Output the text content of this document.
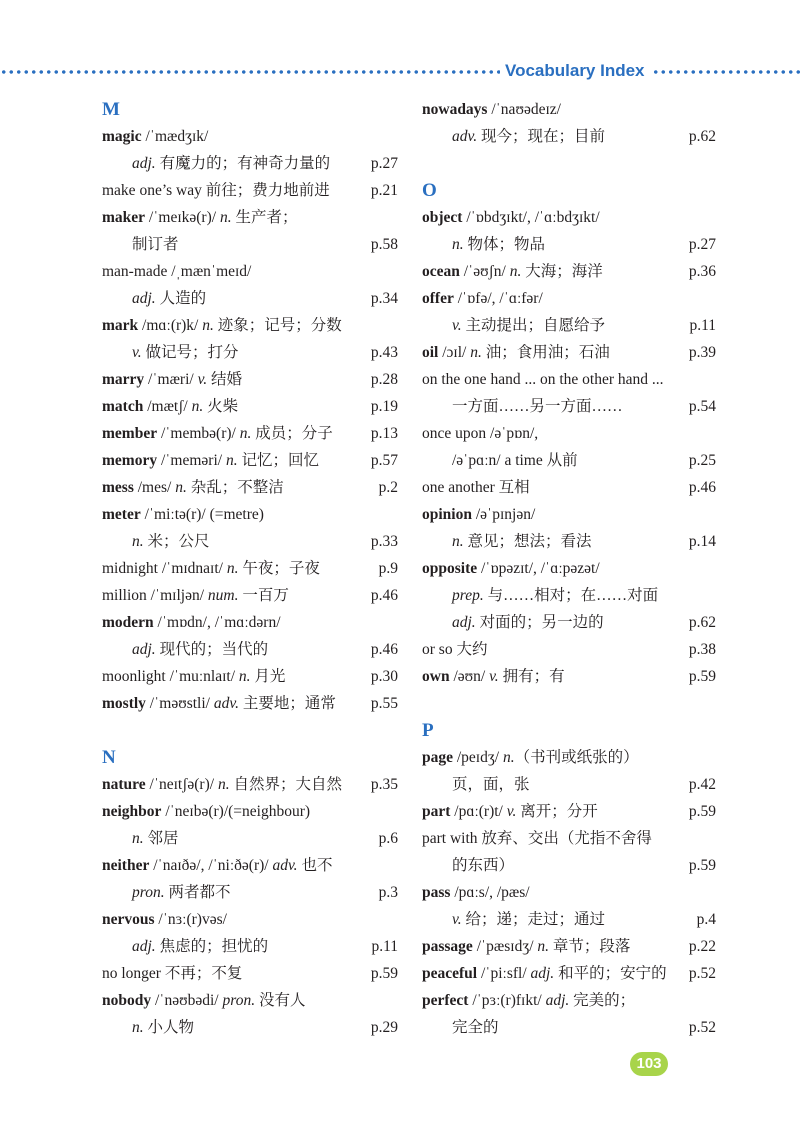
Vocabulary Index
M
magic /ˈmædʒɪk/
adj. 有魔力的；有神奇力量的	p.27
make one’s way 前往；费力地前进	p.21
maker /ˈmeɪkə(r)/ n. 生产者；
制订者	p.58
man-made /ˌmænˈmeɪd/
adj. 人造的	p.34
mark /mɑː(r)k/ n. 迹象；记号；分数
v. 做记号；打分	p.43
marry /ˈmæri/ v. 结婚	p.28
match /mætʃ/ n. 火柴	p.19
member /ˈmembə(r)/ n. 成员；分子 p.13
memory /ˈmeməri/ n. 记忆；回忆	p.57
mess /mes/ n. 杂乱；不整洁	p.2
meter /ˈmiːtə(r)/ (=metre)
n. 米；公尺	p.33
midnight /ˈmɪdnaɪt/ n. 午夜；子夜	p.9
million /ˈmɪljən/ num. 一百万	p.46
modern /ˈmɒdn/, /ˈmɑːdərn/
adj. 现代的；当代的	p.46
moonlight /ˈmuːnlaɪt/ n. 月光	p.30
mostly /ˈməʊstli/ adv. 主要地；通常 p.55
N
nature /ˈneɪtʃə(r)/ n. 自然界；大自然 p.35
neighbor /ˈneɪbə(r)/(=neighbour)
n. 邻居	p.6
neither /ˈnaɪðə/, /ˈniːðə(r)/ adv. 也不
pron. 两者都不	p.3
nervous /ˈnɜː(r)vəs/
adj. 焦虑的；担忧的	p.11
no longer 不再；不复	p.59
nobody /ˈnəʊbədi/ pron. 没有人
n. 小人物	p.29
nowadays /ˈnaʊədeɪz/
adv. 现今；现在；目前	p.62
O
object /ˈɒbdʒɪkt/, /ˈɑːbdʒɪkt/
n. 物体；物品	p.27
ocean /ˈəʊʃn/ n. 大海；海洋	p.36
offer /ˈɒfə/, /ˈɑːfər/
v. 主动提出；自愿给予	p.11
oil /ɔɪl/ n. 油；食用油；石油	p.39
on the one hand ... on the other hand ...
一方面……另一方面……	p.54
once upon /əˈpɒn/,
/əˈpɑːn/ a time 从前	p.25
one another 互相	p.46
opinion /əˈpɪnjən/
n. 意见；想法；看法	p.14
opposite /ˈɒpəzɪt/, /ˈɑːpəzət/
prep. 与……相对；在……对面
adj. 对面的；另一边的	p.62
or so 大约	p.38
own /əʊn/ v. 拥有；有	p.59
P
page /peɪdʒ/ n.（书刊或纸张的）
页，面，张	p.42
part /pɑː(r)t/ v. 离开；分开	p.59
part with 放弃、交出（尤指不舍得
的东西）	p.59
pass /pɑːs/, /pæs/
v. 给；递；走过；通过	p.4
passage /ˈpæsɪdʒ/ n. 章节；段落	p.22
peaceful /ˈpiːsfl/ adj. 和平的；安宁的 p.52
perfect /ˈpɜː(r)fɪkt/ adj. 完美的；
完全的	p.52
103
